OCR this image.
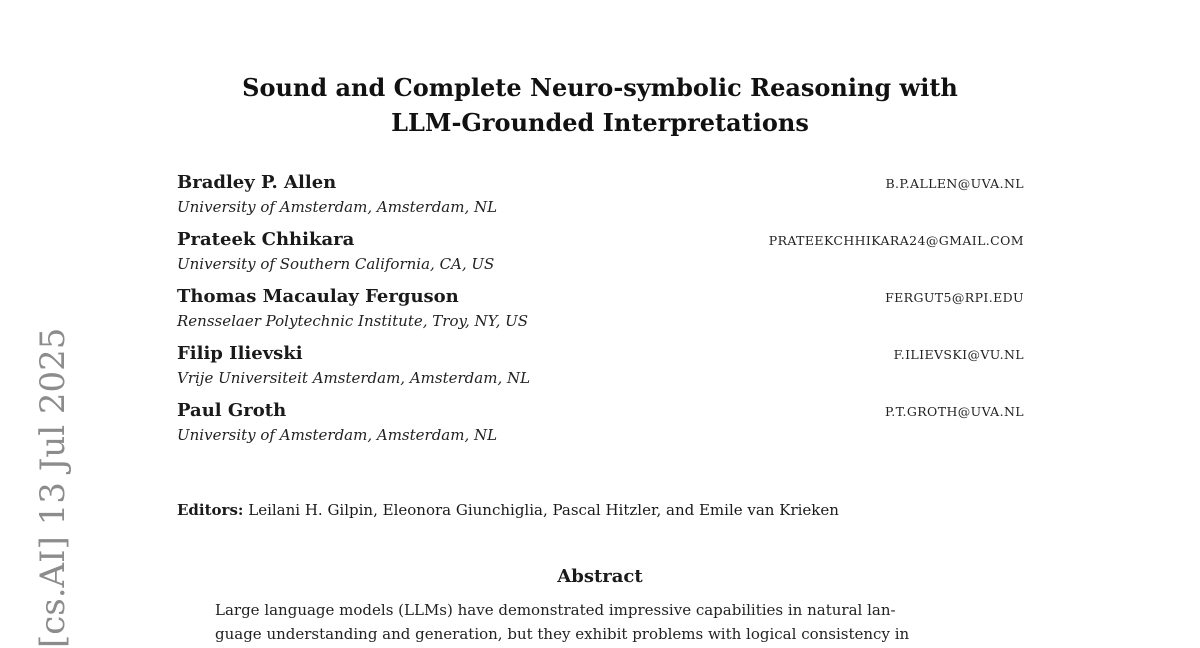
Sound and Complete Neuro-symbolic Reasoning with
LLM-Grounded Interpretations
Bradley P. Allen
University of Amsterdam, Amsterdam, NL
B.P.ALLEN@UVA.NL
Prateek Chhikara
University of Southern California, CA, US
PRATEEKCHHIKARA24@GMAIL.COM
Thomas Macaulay Ferguson
Rensselaer Polytechnic Institute, Troy, NY, US
FERGUT5@RPI.EDU
Filip Ilievski
Vrije Universiteit Amsterdam, Amsterdam, NL
F.ILIEVSKI@VU.NL
Paul Groth
University of Amsterdam, Amsterdam, NL
P.T.GROTH@UVA.NL
Editors: Leilani H. Gilpin, Eleonora Giunchiglia, Pascal Hitzler, and Emile van Krieken
Abstract
Large language models (LLMs) have demonstrated impressive capabilities in natural lan-
guage understanding and generation, but they exhibit problems with logical consistency in
[cs.AI] 13 Jul 2025
